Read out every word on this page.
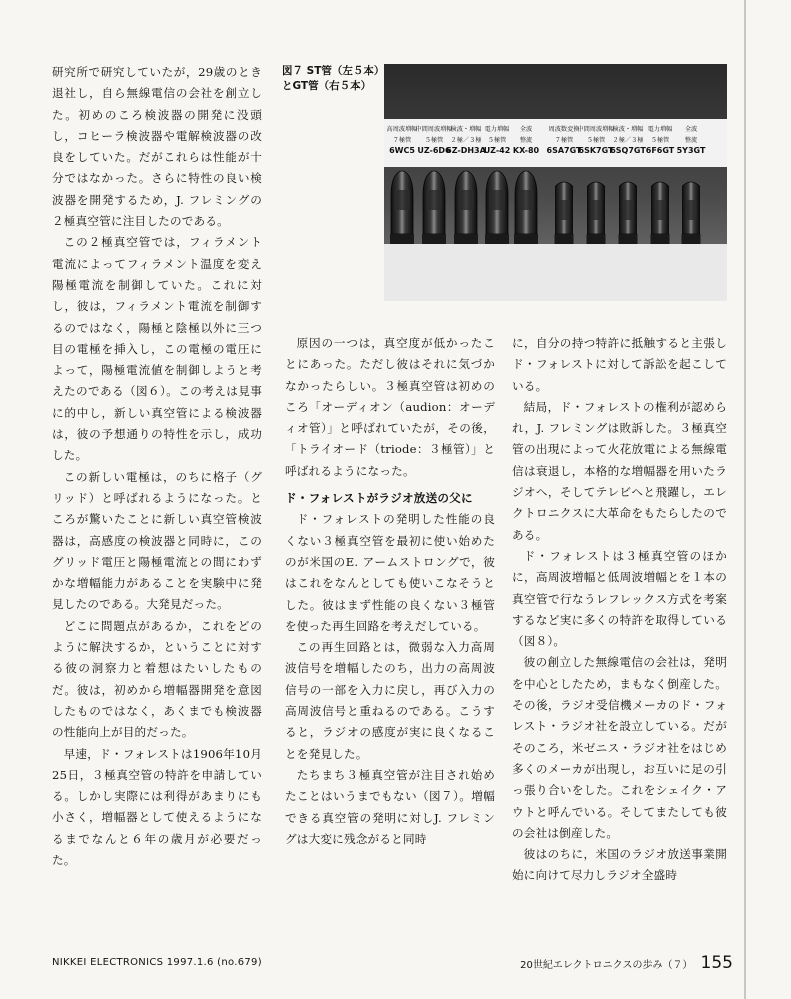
研究所で研究していたが，29歳のとき退社し，自ら無線電信の会社を創立した。初めのころ検波器の開発に没頭し，コヒーラ検波器や電解検波器の改良をしていた。だがこれらは性能が十分ではなかった。さらに特性の良い検波器を開発するため，J. フレミングの２極真空管に注目したのである。

この２極真空管では，フィラメント電流によってフィラメント温度を変え陽極電流を制御していた。これに対し，彼は，フィラメント電流を制御するのではなく，陽極と陰極以外に三つ目の電極を挿入し，この電極の電圧によって，陽極電流値を制御しようと考えたのである（図６）。この考えは見事に的中し，新しい真空管による検波器は，彼の予想通りの特性を示し，成功した。

この新しい電極は，のちに格子（グリッド）と呼ばれるようになった。ところが驚いたことに新しい真空管検波器は，高感度の検波器と同時に，このグリッド電圧と陽極電流との間にわずかな増幅能力があることを実験中に発見したのである。大発見だった。

どこに問題点があるか，これをどのように解決するか，ということに対する彼の洞察力と着想はたいしたものだ。彼は，初めから増幅器開発を意図したものではなく，あくまでも検波器の性能向上が目的だった。

早速，ド・フォレストは1906年10月25日，３極真空管の特許を申請している。しかし実際には利得があまりにも小さく，増幅器として使えるようになるまでなんと６年の歳月が必要だった。

図７ ST管（左５本）とGT管（右５本）
高周波増幅
７極管
6WC5
中間周波増幅
５極管
UZ-6D6
検波・増幅
２極／３極
6Z-DH3A
電力増幅
５極管
UZ-42
全波
整流
KX-80
周波数変換
７極管
6SA7GT
中間周波増幅
５極管
6SK7GT
検波・増幅
２極／３極
6SQ7GT
電力増幅
５極管
6F6GT
全波
整流
5Y3GT

原因の一つは，真空度が低かったことにあった。ただし彼はそれに気づかなかったらしい。３極真空管は初めのころ「オーディオン（audion：オーディオ管）」と呼ばれていたが，その後，「トライオード（triode：３極管）」と呼ばれるようになった。

ド・フォレストがラジオ放送の父に

ド・フォレストの発明した性能の良くない３極真空管を最初に使い始めたのが米国のE. アームストロングで，彼はこれをなんとしても使いこなそうとした。彼はまず性能の良くない３極管を使った再生回路を考えだしている。

この再生回路とは，微弱な入力高周波信号を増幅したのち，出力の高周波信号の一部を入力に戻し，再び入力の高周波信号と重ねるのである。こうすると，ラジオの感度が実に良くなることを発見した。

たちまち３極真空管が注目され始めたことはいうまでもない（図７）。増幅できる真空管の発明に対しJ. フレミングは大変に残念がると同時

に，自分の持つ特許に抵触すると主張しド・フォレストに対して訴訟を起こしている。

結局，ド・フォレストの権利が認められ，J. フレミングは敗訴した。３極真空管の出現によって火花放電による無線電信は衰退し，本格的な増幅器を用いたラジオへ，そしてテレビへと飛躍し，エレクトロニクスに大革命をもたらしたのである。

ド・フォレストは３極真空管のほかに，高周波増幅と低周波増幅とを１本の真空管で行なうレフレックス方式を考案するなど実に多くの特許を取得している（図８）。

彼の創立した無線電信の会社は，発明を中心としたため，まもなく倒産した。その後，ラジオ受信機メーカのド・フォレスト・ラジオ社を設立している。だがそのころ，米ゼニス・ラジオ社をはじめ多くのメーカが出現し，お互いに足の引っ張り合いをした。これをシェイク・アウトと呼んでいる。そしてまたしても彼の会社は倒産した。

彼はのちに，米国のラジオ放送事業開始に向けて尽力しラジオ全盛時

NIKKEI ELECTRONICS 1997.1.6 (no.679)	20世紀エレクトロニクスの歩み（７） 155
